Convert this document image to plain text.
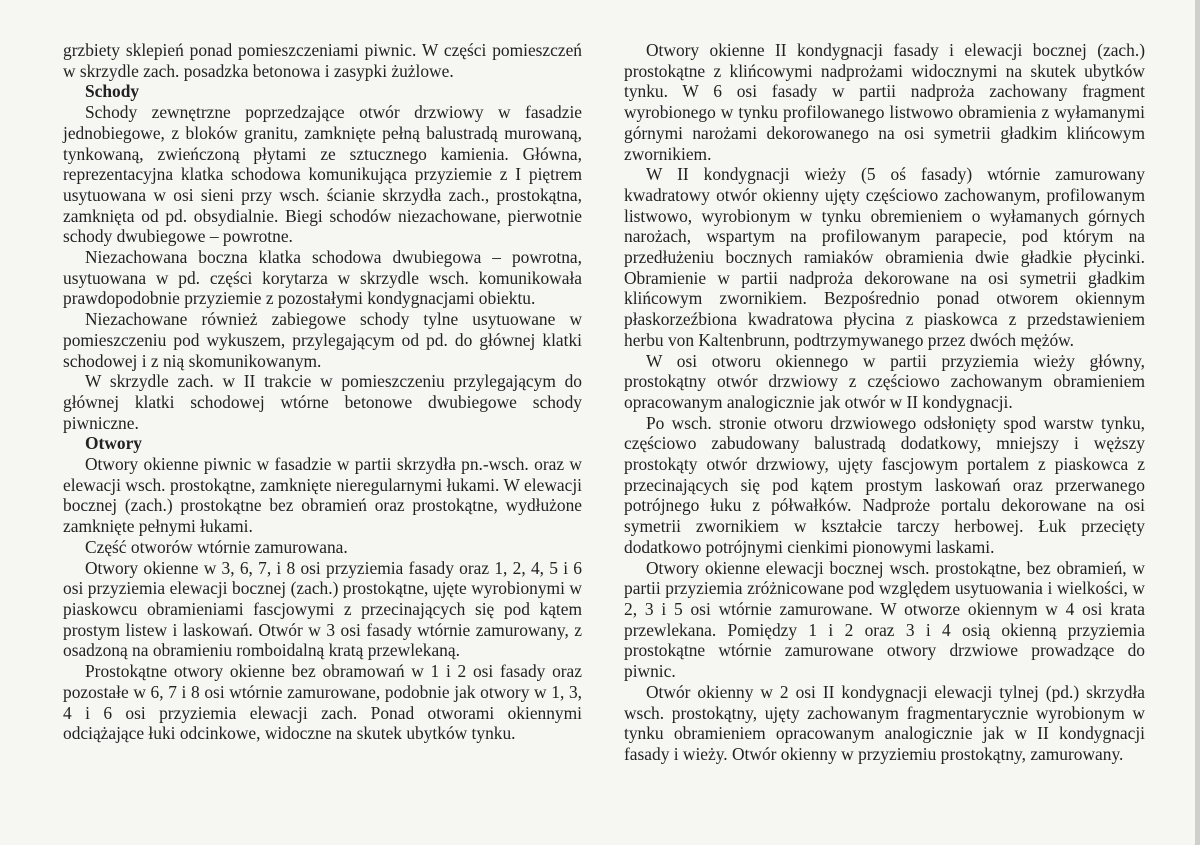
grzbiety sklepień ponad pomieszczeniami piwnic. W części pomieszczeń w skrzydle zach. posadzka betonowa i zasypki żużlowe.

Schody

Schody zewnętrzne poprzedzające otwór drzwiowy w fasadzie jednobiegowe, z bloków granitu, zamknięte pełną balustradą murowaną, tynkowaną, zwieńczoną płytami ze sztucznego kamienia. Główna, reprezentacyjna klatka schodowa komunikująca przyziemie z I piętrem usytuowana w osi sieni przy wsch. ścianie skrzydła zach., prostokątna, zamknięta od pd. obsydialnie. Biegi schodów niezachowane, pierwotnie schody dwubiegowe – powrotne.

Niezachowana boczna klatka schodowa dwubiegowa – powrotna, usytuowana w pd. części korytarza w skrzydle wsch. komunikowała prawdopodobnie przyziemie z pozostałymi kondygnacjami obiektu.

Niezachowane również zabiegowe schody tylne usytuowane w pomieszczeniu pod wykuszem, przylegającym od pd. do głównej klatki schodowej i z nią skomunikowanym.

W skrzydle zach. w II trakcie w pomieszczeniu przylegającym do głównej klatki schodowej wtórne betonowe dwubiegowe schody piwniczne.

Otwory

Otwory okienne piwnic w fasadzie w partii skrzydła pn.-wsch. oraz w elewacji wsch. prostokątne, zamknięte nieregularnymi łukami. W elewacji bocznej (zach.) prostokątne bez obramień oraz prostokątne, wydłużone zamknięte pełnymi łukami.

Część otworów wtórnie zamurowana.

Otwory okienne w 3, 6, 7, i 8 osi przyziemia fasady oraz 1, 2, 4, 5 i 6 osi przyziemia elewacji bocznej (zach.) prostokątne, ujęte wyrobionymi w piaskowcu obramieniami fascjowymi z przecinających się pod kątem prostym listew i laskowań. Otwór w 3 osi fasady wtórnie zamurowany, z osadzoną na obramieniu romboidalną kratą przewlekaną.

Prostokątne otwory okienne bez obramowań w 1 i 2 osi fasady oraz pozostałe w 6, 7 i 8 osi wtórnie zamurowane, podobnie jak otwory w 1, 3, 4 i 6 osi przyziemia elewacji zach. Ponad otworami okiennymi odciążające łuki odcinkowe, widoczne na skutek ubytków tynku.

Otwory okienne II kondygnacji fasady i elewacji bocznej (zach.) prostokątne z klińcowymi nadprożami widocznymi na skutek ubytków tynku. W 6 osi fasady w partii nadproża zachowany fragment wyrobionego w tynku profilowanego listwowo obramienia z wyłamanymi górnymi narożami dekorowanego na osi symetrii gładkim klińcowym zwornikiem.

W II kondygnacji wieży (5 oś fasady) wtórnie zamurowany kwadratowy otwór okienny ujęty częściowo zachowanym, profilowanym listwowo, wyrobionym w tynku obremieniem o wyłamanych górnych narożach, wspartym na profilowanym parapecie, pod którym na przedłużeniu bocznych ramiaków obramienia dwie gładkie płycinki. Obramienie w partii nadproża dekorowane na osi symetrii gładkim klińcowym zwornikiem. Bezpośrednio ponad otworem okiennym płaskorzeźbiona kwadratowa płycina z piaskowca z przedstawieniem herbu von Kaltenbrunn, podtrzymywanego przez dwóch mężów.

W osi otworu okiennego w partii przyziemia wieży główny, prostokątny otwór drzwiowy z częściowo zachowanym obramieniem opracowanym analogicznie jak otwór w II kondygnacji.

Po wsch. stronie otworu drzwiowego odsłonięty spod warstw tynku, częściowo zabudowany balustradą dodatkowy, mniejszy i węższy prostokąty otwór drzwiowy, ujęty fascjowym portalem z piaskowca z przecinających się pod kątem prostym laskowań oraz przerwanego potrójnego łuku z półwałków. Nadproże portalu dekorowane na osi symetrii zwornikiem w kształcie tarczy herbowej. Łuk przecięty dodatkowo potrójnymi cienkimi pionowymi laskami.

Otwory okienne elewacji bocznej wsch. prostokątne, bez obramień, w partii przyziemia zróżnicowane pod względem usytuowania i wielkości, w 2, 3 i 5 osi wtórnie zamurowane. W otworze okiennym w 4 osi krata przewlekana. Pomiędzy 1 i 2 oraz 3 i 4 osią okienną przyziemia prostokątne wtórnie zamurowane otwory drzwiowe prowadzące do piwnic.

Otwór okienny w 2 osi II kondygnacji elewacji tylnej (pd.) skrzydła wsch. prostokątny, ujęty zachowanym fragmentarycznie wyrobionym w tynku obramieniem opracowanym analogicznie jak w II kondygnacji fasady i wieży. Otwór okienny w przyziemiu prostokątny, zamurowany.
